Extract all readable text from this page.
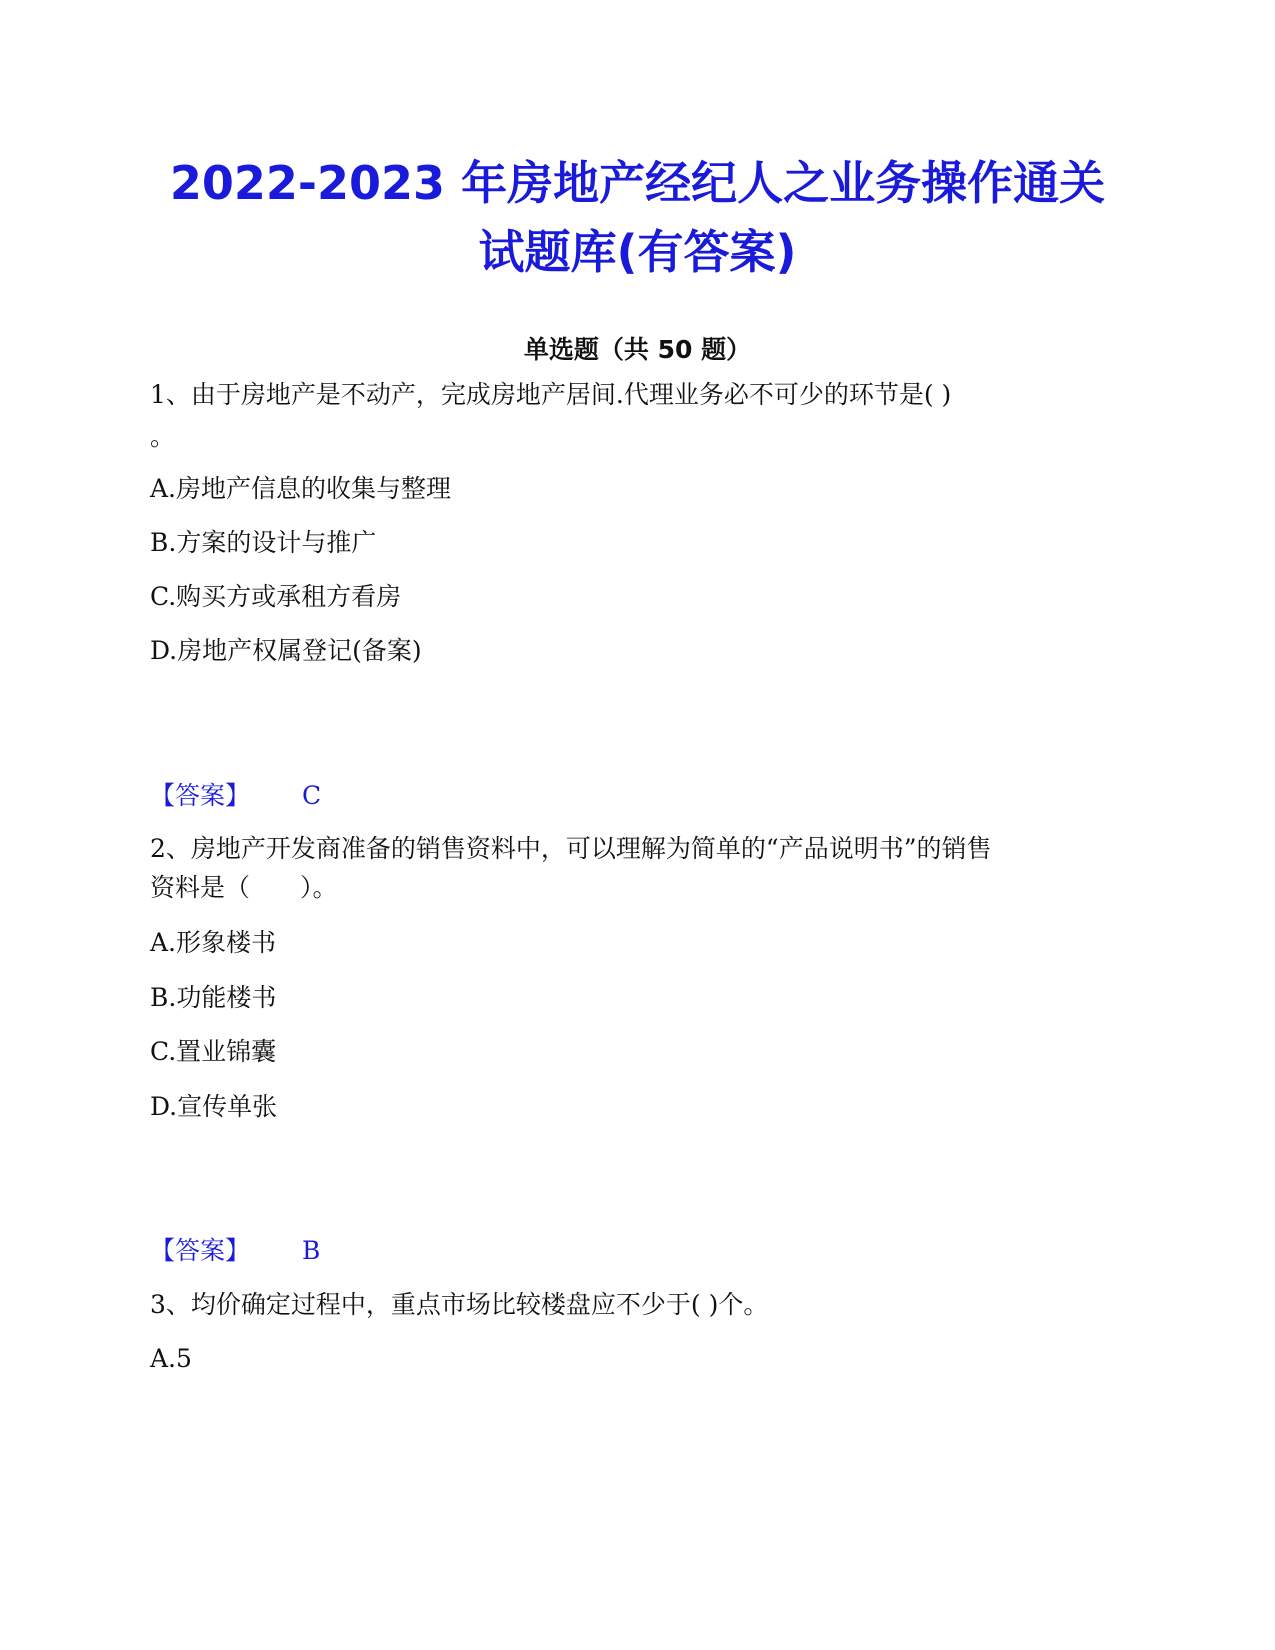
2022-2023 年房地产经纪人之业务操作通关
试题库(有答案)
单选题（共 50 题）
1、由于房地产是不动产，完成房地产居间.代理业务必不可少的环节是( )
。
A.房地产信息的收集与整理
B.方案的设计与推广
C.购买方或承租方看房
D.房地产权属登记(备案)
【答案】 C
2、房地产开发商准备的销售资料中，可以理解为简单的“产品说明书”的销售
资料是（　　）。
A.形象楼书
B.功能楼书
C.置业锦囊
D.宣传单张
【答案】 B
3、均价确定过程中，重点市场比较楼盘应不少于( )个。
A.5
